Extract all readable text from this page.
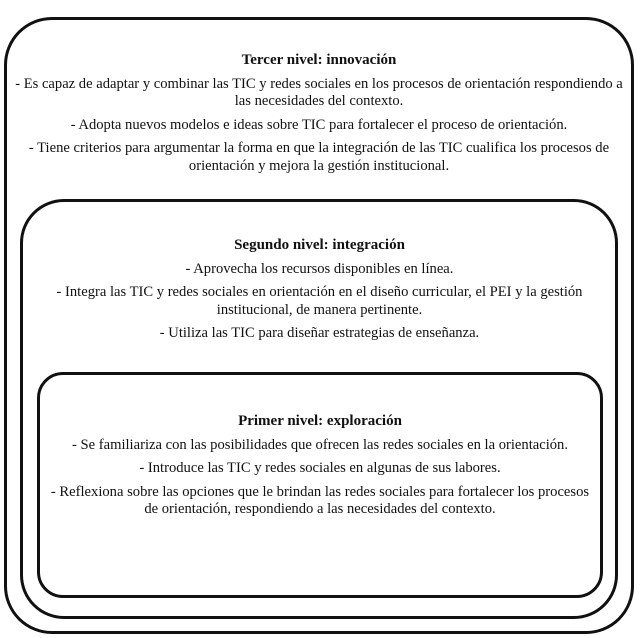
Tercer nivel: innovación
- Es capaz de adaptar y combinar las TIC y redes sociales en los procesos de orientación respondiendo a las necesidades del contexto.
- Adopta nuevos modelos e ideas sobre TIC para fortalecer el proceso de orientación.
- Tiene criterios para argumentar la forma en que la integración de las TIC cualifica los procesos de orientación y mejora la gestión institucional.
Segundo nivel: integración
- Aprovecha los recursos disponibles en línea.
- Integra las TIC y redes sociales en orientación en el diseño curricular, el PEI y la gestión institucional, de manera pertinente.
- Utiliza las TIC para diseñar estrategias de enseñanza.
Primer nivel: exploración
- Se familiariza con las posibilidades que ofrecen las redes sociales en la orientación.
- Introduce las TIC y redes sociales en algunas de sus labores.
- Reflexiona sobre las opciones que le brindan las redes sociales para fortalecer los procesos de orientación, respondiendo a las necesidades del contexto.
